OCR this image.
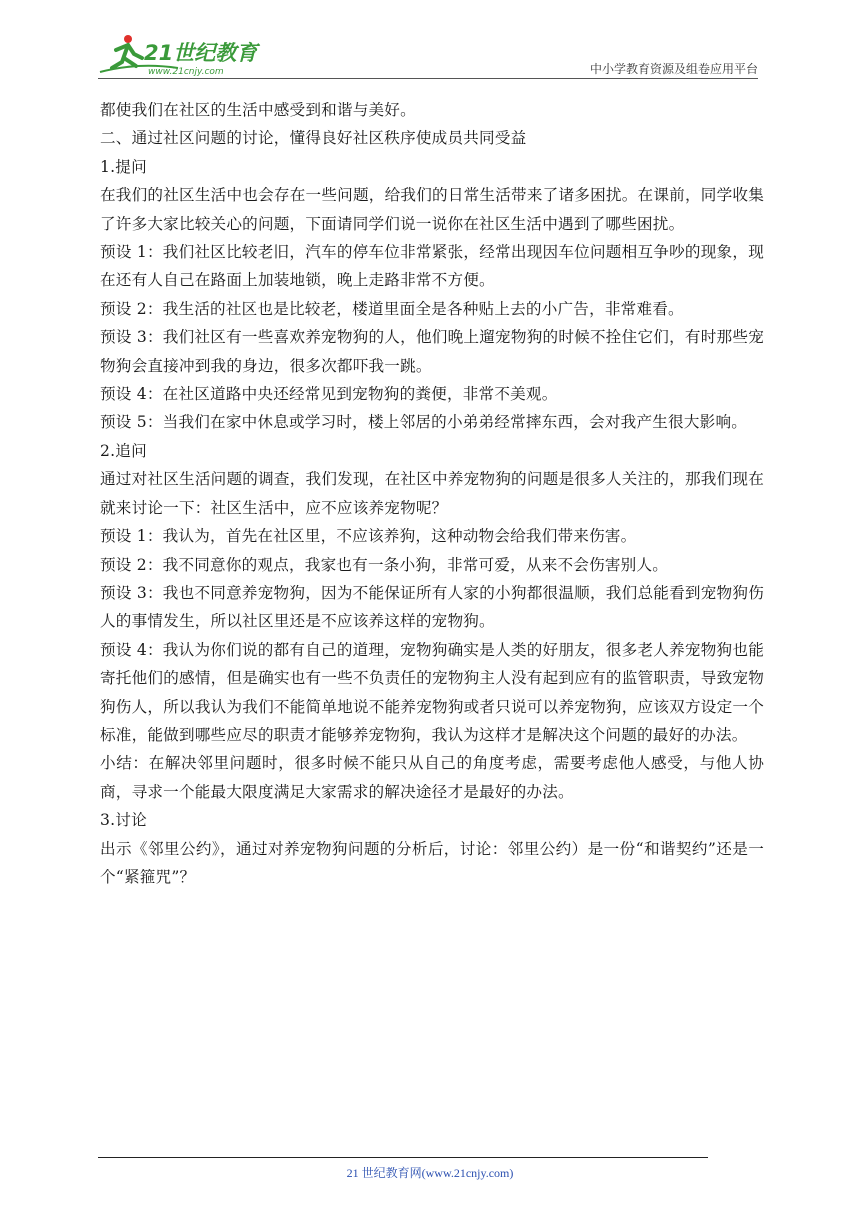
21世纪教育
www.21cnjy.com	中小学教育资源及组卷应用平台

都使我们在社区的生活中感受到和谐与美好。

二、通过社区问题的讨论，懂得良好社区秩序使成员共同受益

1.提问

在我们的社区生活中也会存在一些问题，给我们的日常生活带来了诸多困扰。在课前，同学收集了许多大家比较关心的问题，下面请同学们说一说你在社区生活中遇到了哪些困扰。

预设 1：我们社区比较老旧，汽车的停车位非常紧张，经常出现因车位问题相互争吵的现象，现在还有人自己在路面上加装地锁，晚上走路非常不方便。

预设 2：我生活的社区也是比较老，楼道里面全是各种贴上去的小广告，非常难看。

预设 3：我们社区有一些喜欢养宠物狗的人，他们晚上遛宠物狗的时候不拴住它们，有时那些宠物狗会直接冲到我的身边，很多次都吓我一跳。

预设 4：在社区道路中央还经常见到宠物狗的粪便，非常不美观。

预设 5：当我们在家中休息或学习时，楼上邻居的小弟弟经常摔东西，会对我产生很大影响。

2.追问

通过对社区生活问题的调查，我们发现，在社区中养宠物狗的问题是很多人关注的，那我们现在就来讨论一下：社区生活中，应不应该养宠物呢？

预设 1：我认为，首先在社区里，不应该养狗，这种动物会给我们带来伤害。

预设 2：我不同意你的观点，我家也有一条小狗，非常可爱，从来不会伤害别人。

预设 3：我也不同意养宠物狗，因为不能保证所有人家的小狗都很温顺，我们总能看到宠物狗伤人的事情发生，所以社区里还是不应该养这样的宠物狗。

预设 4：我认为你们说的都有自己的道理，宠物狗确实是人类的好朋友，很多老人养宠物狗也能寄托他们的感情，但是确实也有一些不负责任的宠物狗主人没有起到应有的监管职责，导致宠物狗伤人，所以我认为我们不能简单地说不能养宠物狗或者只说可以养宠物狗，应该双方设定一个标准，能做到哪些应尽的职责才能够养宠物狗，我认为这样才是解决这个问题的最好的办法。

小结：在解决邻里问题时，很多时候不能只从自己的角度考虑，需要考虑他人感受，与他人协商，寻求一个能最大限度满足大家需求的解决途径才是最好的办法。

3.讨论

出示《邻里公约》，通过对养宠物狗问题的分析后，讨论：邻里公约）是一份“和谐契约”还是一个“紧箍咒”？

21 世纪教育网(www.21cnjy.com)
